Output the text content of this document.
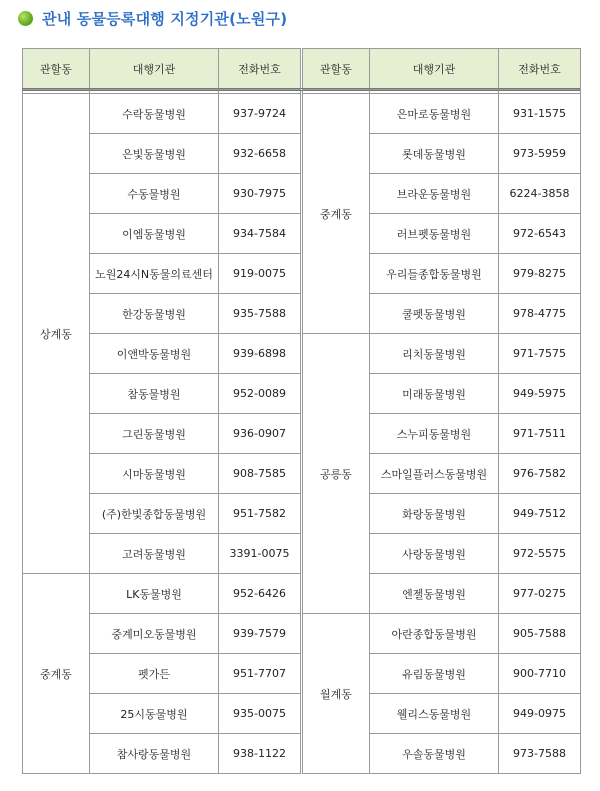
관내 동물등록대행 지정기관(노원구)
관할동	대행기관	전화번호

상계동	수락동물병원	937-9724
	은빛동물병원	932-6658
	수동물병원	930-7975
	이엠동물병원	934-7584
	노원24시N동물의료센터	919-0075
	한강동물병원	935-7588
	이앤박동물병원	939-6898
	참동물병원	952-0089
	그린동물병원	936-0907
	시마동물병원	908-7585
	(주)한빛종합동물병원	951-7582
	고려동물병원	3391-0075
중계동	LK동물병원	952-6426
	중계미오동물병원	939-7579
	펫가든	951-7707
	25시동물병원	935-0075
	참사랑동물병원	938-1122
관할동	대행기관	전화번호

중계동	은마로동물병원	931-1575
	롯데동물병원	973-5959
	브라운동물병원	6224-3858
	러브펫동물병원	972-6543
	우리들종합동물병원	979-8275
	쿨펫동물병원	978-4775
공릉동	리치동물병원	971-7575
	미래동물병원	949-5975
	스누피동물병원	971-7511
	스마일플러스동물병원	976-7582
	화랑동물병원	949-7512
	사랑동물병원	972-5575
	엔젤동물병원	977-0275
월계동	아란종합동물병원	905-7588
	유림동물병원	900-7710
	웰리스동물병원	949-0975
	우솔동물병원	973-7588
